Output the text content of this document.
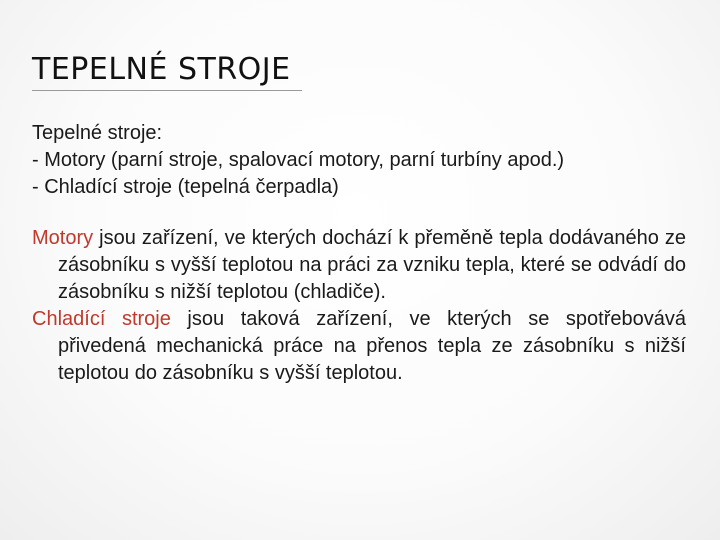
TEPELNÉ STROJE

Tepelné stroje:

- Motory (parní stroje, spalovací motory, parní turbíny apod.)

- Chladící stroje (tepelná čerpadla)

Motory jsou zařízení, ve kterých dochází k přeměně tepla dodávaného ze zásobníku s vyšší teplotou na práci za vzniku tepla, které se odvádí do zásobníku s nižší teplotou (chladiče).

Chladící stroje jsou taková zařízení, ve kterých se spotřebovává přivedená mechanická práce na přenos tepla ze zásobníku s nižší teplotou do zásobníku s vyšší teplotou.
